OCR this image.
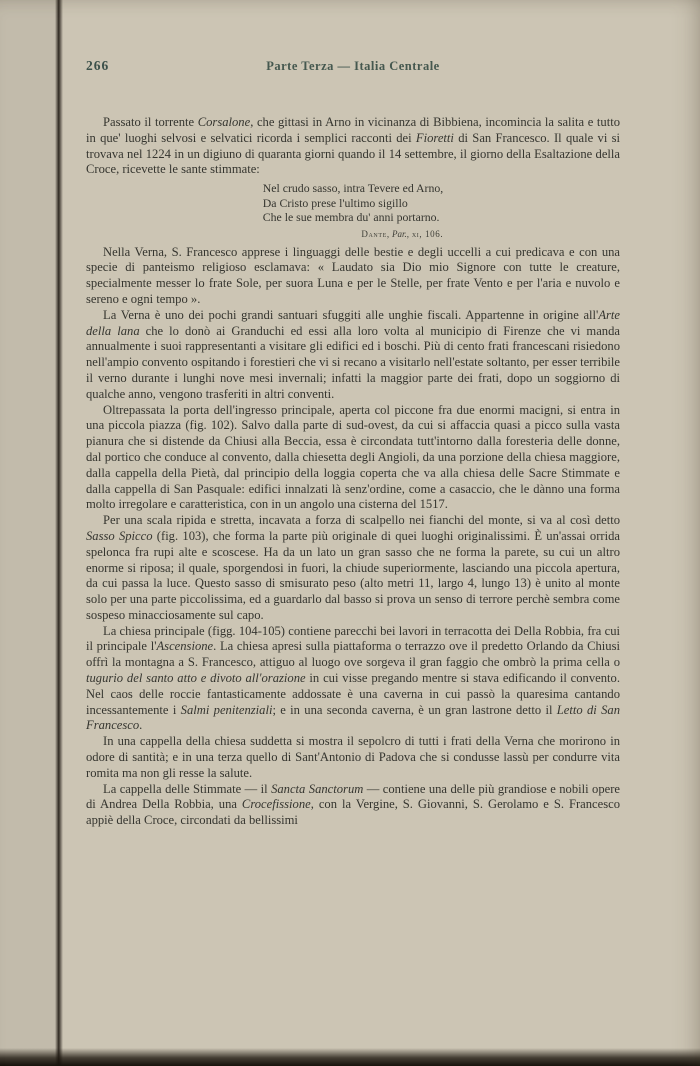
266	Parte Terza — Italia Centrale

Passato il torrente Corsalone, che gittasi in Arno in vicinanza di Bibbiena, incomincia la salita e tutto in que' luoghi selvosi e selvatici ricorda i semplici racconti dei Fioretti di San Francesco. Il quale vi si trovava nel 1224 in un digiuno di quaranta giorni quando il 14 settembre, il giorno della Esaltazione della Croce, ricevette le sante stimmate:

Nel crudo sasso, intra Tevere ed Arno,
Da Cristo prese l'ultimo sigillo
Che le sue membra du' anni portarno.
Dante, Par., xi, 106.

Nella Verna, S. Francesco apprese i linguaggi delle bestie e degli uccelli a cui predicava e con una specie di panteismo religioso esclamava: « Laudato sia Dio mio Signore con tutte le creature, specialmente messer lo frate Sole, per suora Luna e per le Stelle, per frate Vento e per l'aria e nuvolo e sereno e ogni tempo ».

La Verna è uno dei pochi grandi santuari sfuggiti alle unghie fiscali. Appartenne in origine all'Arte della lana che lo donò ai Granduchi ed essi alla loro volta al municipio di Firenze che vi manda annualmente i suoi rappresentanti a visitare gli edifici ed i boschi. Più di cento frati francescani risiedono nell'ampio convento ospitando i forestieri che vi si recano a visitarlo nell'estate soltanto, per esser terribile il verno durante i lunghi nove mesi invernali; infatti la maggior parte dei frati, dopo un soggiorno di qualche anno, vengono trasferiti in altri conventi.

Oltrepassata la porta dell'ingresso principale, aperta col piccone fra due enormi macigni, si entra in una piccola piazza (fig. 102). Salvo dalla parte di sud-ovest, da cui si affaccia quasi a picco sulla vasta pianura che si distende da Chiusi alla Beccia, essa è circondata tutt'intorno dalla foresteria delle donne, dal portico che conduce al convento, dalla chiesetta degli Angioli, da una porzione della chiesa maggiore, dalla cappella della Pietà, dal principio della loggia coperta che va alla chiesa delle Sacre Stimmate e dalla cappella di San Pasquale: edifici innalzati là senz'ordine, come a casaccio, che le dànno una forma molto irregolare e caratteristica, con in un angolo una cisterna del 1517.

Per una scala ripida e stretta, incavata a forza di scalpello nei fianchi del monte, si va al così detto Sasso Spicco (fig. 103), che forma la parte più originale di quei luoghi originalissimi. È un'assai orrida spelonca fra rupi alte e scoscese. Ha da un lato un gran sasso che ne forma la parete, su cui un altro enorme si riposa; il quale, sporgendosi in fuori, la chiude superiormente, lasciando una piccola apertura, da cui passa la luce. Questo sasso di smisurato peso (alto metri 11, largo 4, lungo 13) è unito al monte solo per una parte piccolissima, ed a guardarlo dal basso si prova un senso di terrore perchè sembra come sospeso minacciosamente sul capo.

La chiesa principale (figg. 104-105) contiene parecchi bei lavori in terracotta dei Della Robbia, fra cui il principale l'Ascensione. La chiesa apresi sulla piattaforma o terrazzo ove il predetto Orlando da Chiusi offrì la montagna a S. Francesco, attiguo al luogo ove sorgeva il gran faggio che ombrò la prima cella o tugurio del santo atto e divoto all'orazione in cui visse pregando mentre si stava edificando il convento. Nel caos delle roccie fantasticamente addossate è una caverna in cui passò la quaresima cantando incessantemente i Salmi penitenziali; e in una seconda caverna, è un gran lastrone detto il Letto di San Francesco.

In una cappella della chiesa suddetta si mostra il sepolcro di tutti i frati della Verna che morirono in odore di santità; e in una terza quello di Sant'Antonio di Padova che si condusse lassù per condurre vita romita ma non gli resse la salute.

La cappella delle Stimmate — il Sancta Sanctorum — contiene una delle più grandiose e nobili opere di Andrea Della Robbia, una Crocefissione, con la Vergine, S. Giovanni, S. Gerolamo e S. Francesco appiè della Croce, circondati da bellissimi
